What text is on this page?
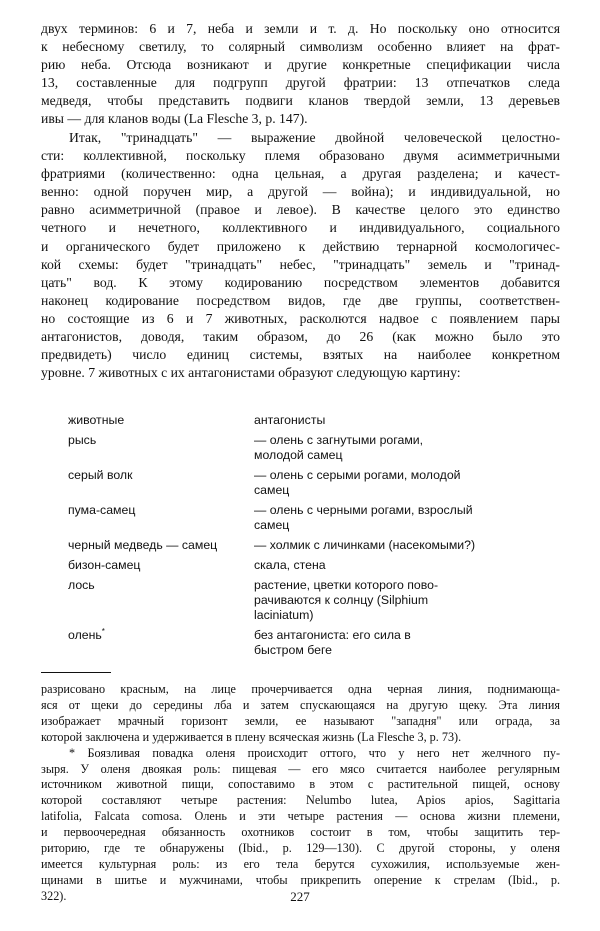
двух терминов: 6 и 7, неба и земли и т. д. Но поскольку оно относится
к небесному светилу, то солярный символизм особенно влияет на фрат-
рию неба. Отсюда возникают и другие конкретные спецификации числа
13, составленные для подгрупп другой фратрии: 13 отпечатков следа
медведя, чтобы представить подвиги кланов твердой земли, 13 деревьев
ивы — для кланов воды (La Flesche 3, p. 147).
Итак, "тринадцать" — выражение двойной человеческой целостно-
сти: коллективной, поскольку племя образовано двумя асимметричными
фратриями (количественно: одна цельная, а другая разделена; и качест-
венно: одной поручен мир, а другой — война); и индивидуальной, но
равно асимметричной (правое и левое). В качестве целого это единство
четного и нечетного, коллективного и индивидуального, социального
и органического будет приложено к действию тернарной космологичес-
кой схемы: будет "тринадцать" небес, "тринадцать" земель и "тринад-
цать" вод. К этому кодированию посредством элементов добавится
наконец кодирование посредством видов, где две группы, соответствен-
но состоящие из 6 и 7 животных, расколются надвое с появлением пары
антагонистов, доводя, таким образом, до 26 (как можно было это
предвидеть) число единиц системы, взятых на наиболее конкретном
уровне. 7 животных с их антагонистами образуют следующую картину:
животные	антагонисты
рысь	— олень с загнутыми рогами,
молодой самец
серый волк	— олень с серыми рогами, молодой
самец
пума-самец	— олень с черными рогами, взрослый
самец
черный медведь — самец	— холмик с личинками (насекомыми?)
бизон-самец	скала, стена
лось	растение, цветки которого пово-
рачиваются к солнцу (Silphium
laciniatum)
олень*	без антагониста: его сила в
быстром беге
разрисовано красным, на лице прочерчивается одна черная линия, поднимающа-
яся от щеки до середины лба и затем спускающаяся на другую щеку. Эта линия
изображает мрачный горизонт земли, ее называют "западня" или ограда, за
которой заключена и удерживается в плену всяческая жизнь (La Flesche 3, p. 73).
* Боязливая повадка оленя происходит оттого, что у него нет желчного пу-
зыря. У оленя двоякая роль: пищевая — его мясо считается наиболее регулярным
источником животной пищи, сопоставимо в этом с растительной пищей, основу
которой составляют четыре растения: Nelumbo lutea, Apios apios, Sagittaria
latifolia, Falcata comosa. Олень и эти четыре растения — основа жизни племени,
и первоочередная обязанность охотников состоит в том, чтобы защитить тер-
риторию, где те обнаружены (Ibid., p. 129—130). С другой стороны, у оленя
имеется культурная роль: из его тела берутся сухожилия, используемые жен-
щинами в шитье и мужчинами, чтобы прикрепить оперение к стрелам (Ibid., p.
322).	227
